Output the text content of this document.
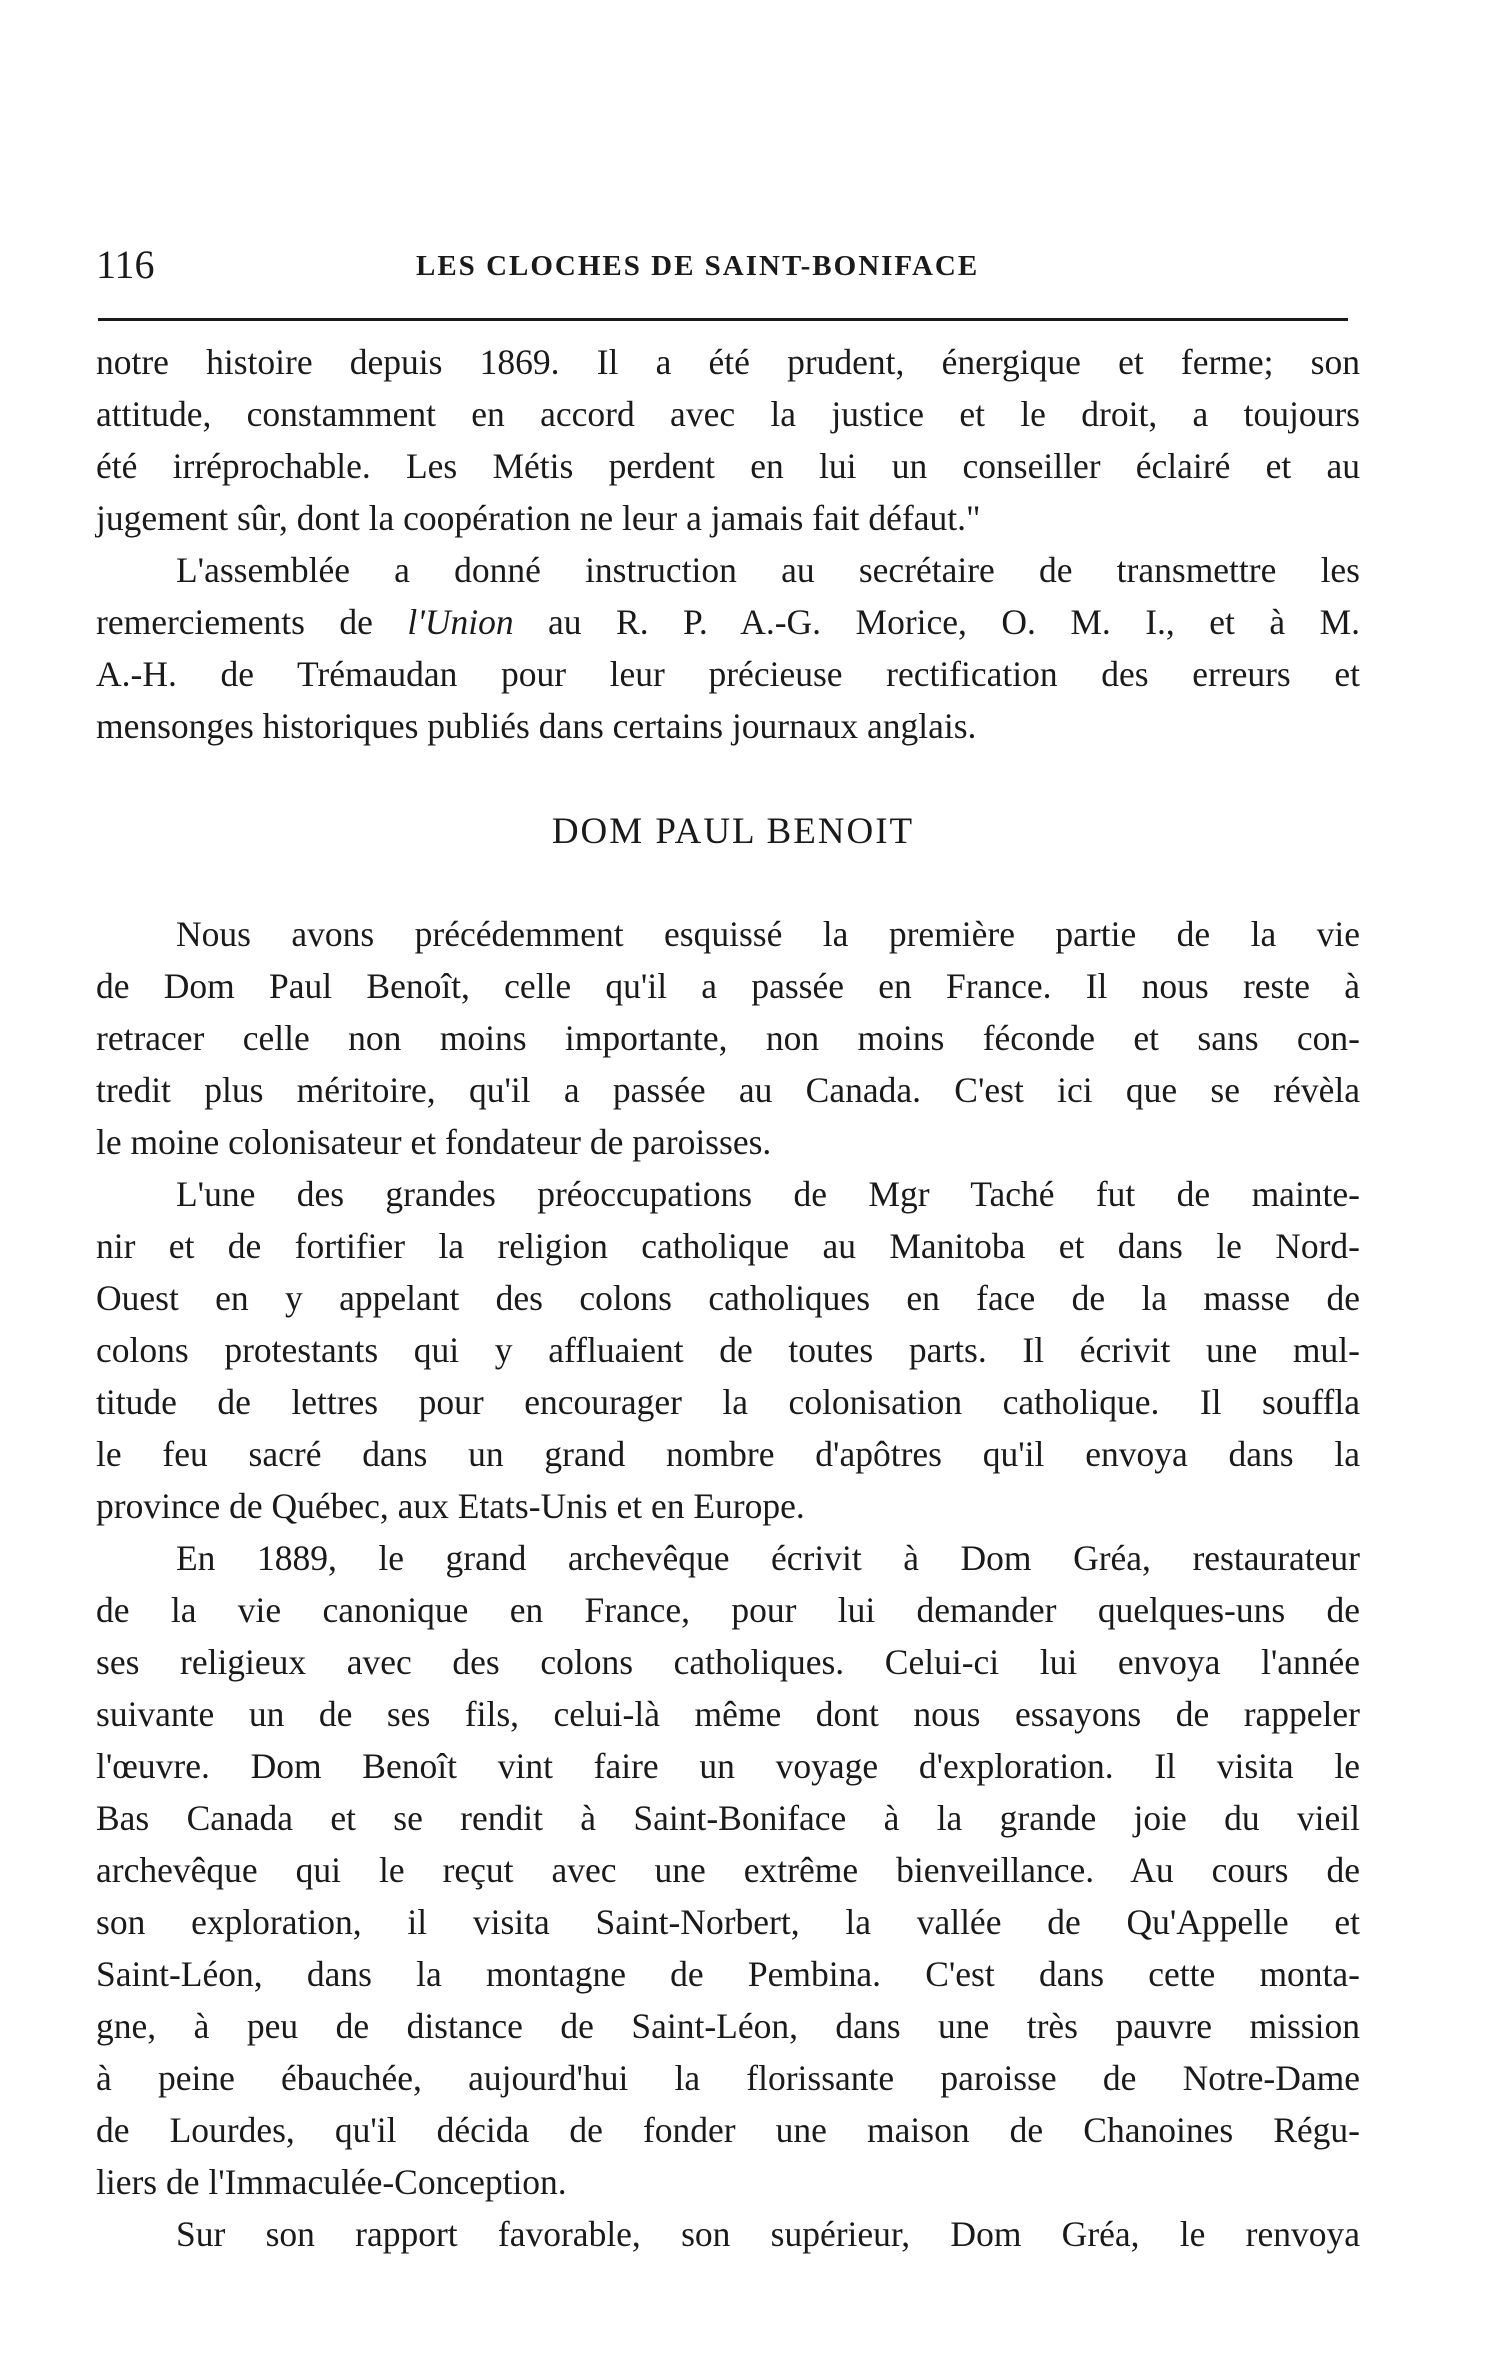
116	LES CLOCHES DE SAINT-BONIFACE
notre histoire depuis 1869. Il a été prudent, énergique et ferme; son
attitude, constamment en accord avec la justice et le droit, a toujours
été irréprochable. Les Métis perdent en lui un conseiller éclairé et au
jugement sûr, dont la coopération ne leur a jamais fait défaut."
L'assemblée a donné instruction au secrétaire de transmettre les
remerciements de l'Union au R. P. A.-G. Morice, O. M. I., et à M.
A.-H. de Trémaudan pour leur précieuse rectification des erreurs et
mensonges historiques publiés dans certains journaux anglais.
DOM PAUL BENOIT
Nous avons précédemment esquissé la première partie de la vie
de Dom Paul Benoît, celle qu'il a passée en France. Il nous reste à
retracer celle non moins importante, non moins féconde et sans con-
tredit plus méritoire, qu'il a passée au Canada. C'est ici que se révèla
le moine colonisateur et fondateur de paroisses.
L'une des grandes préoccupations de Mgr Taché fut de mainte-
nir et de fortifier la religion catholique au Manitoba et dans le Nord-
Ouest en y appelant des colons catholiques en face de la masse de
colons protestants qui y affluaient de toutes parts. Il écrivit une mul-
titude de lettres pour encourager la colonisation catholique. Il souffla
le feu sacré dans un grand nombre d'apôtres qu'il envoya dans la
province de Québec, aux Etats-Unis et en Europe.
En 1889, le grand archevêque écrivit à Dom Gréa, restaurateur
de la vie canonique en France, pour lui demander quelques-uns de
ses religieux avec des colons catholiques. Celui-ci lui envoya l'année
suivante un de ses fils, celui-là même dont nous essayons de rappeler
l'œuvre. Dom Benoît vint faire un voyage d'exploration. Il visita le
Bas Canada et se rendit à Saint-Boniface à la grande joie du vieil
archevêque qui le reçut avec une extrême bienveillance. Au cours de
son exploration, il visita Saint-Norbert, la vallée de Qu'Appelle et
Saint-Léon, dans la montagne de Pembina. C'est dans cette monta-
gne, à peu de distance de Saint-Léon, dans une très pauvre mission
à peine ébauchée, aujourd'hui la florissante paroisse de Notre-Dame
de Lourdes, qu'il décida de fonder une maison de Chanoines Régu-
liers de l'Immaculée-Conception.
Sur son rapport favorable, son supérieur, Dom Gréa, le renvoya
